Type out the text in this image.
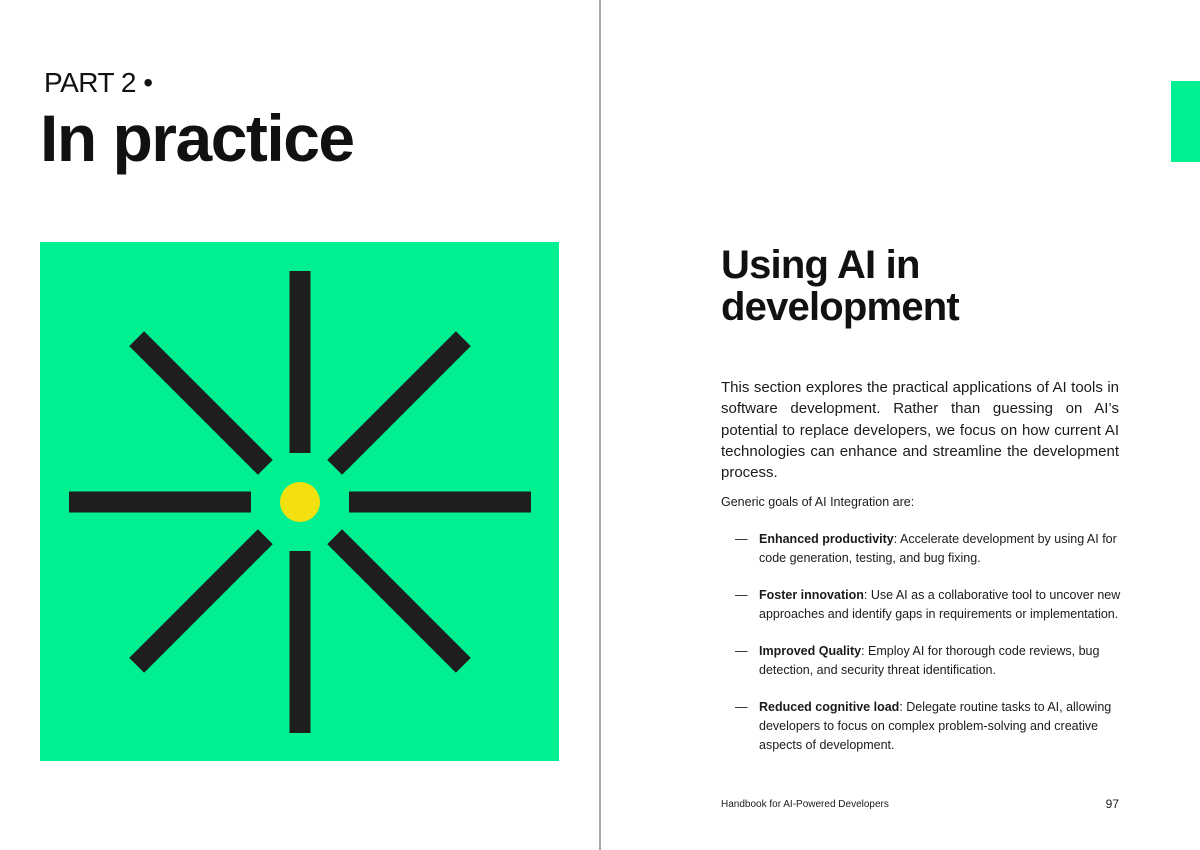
PART 2 •
In practice
Using AI in development

This section explores the practical applications of AI tools in software development. Rather than guessing on AI’s potential to replace developers, we focus on how current AI technologies can enhance and streamline the development process.

Generic goals of AI Integration are:

— Enhanced productivity: Accelerate development by using AI for code generation, testing, and bug fixing.
— Foster innovation: Use AI as a collaborative tool to uncover new approaches and identify gaps in requirements or implementation.
— Improved Quality: Employ AI for thorough code reviews, bug detection, and security threat identification.
— Reduced cognitive load: Delegate routine tasks to AI, allowing developers to focus on complex problem-solving and creative aspects of development.

Handbook for AI-Powered Developers	97
